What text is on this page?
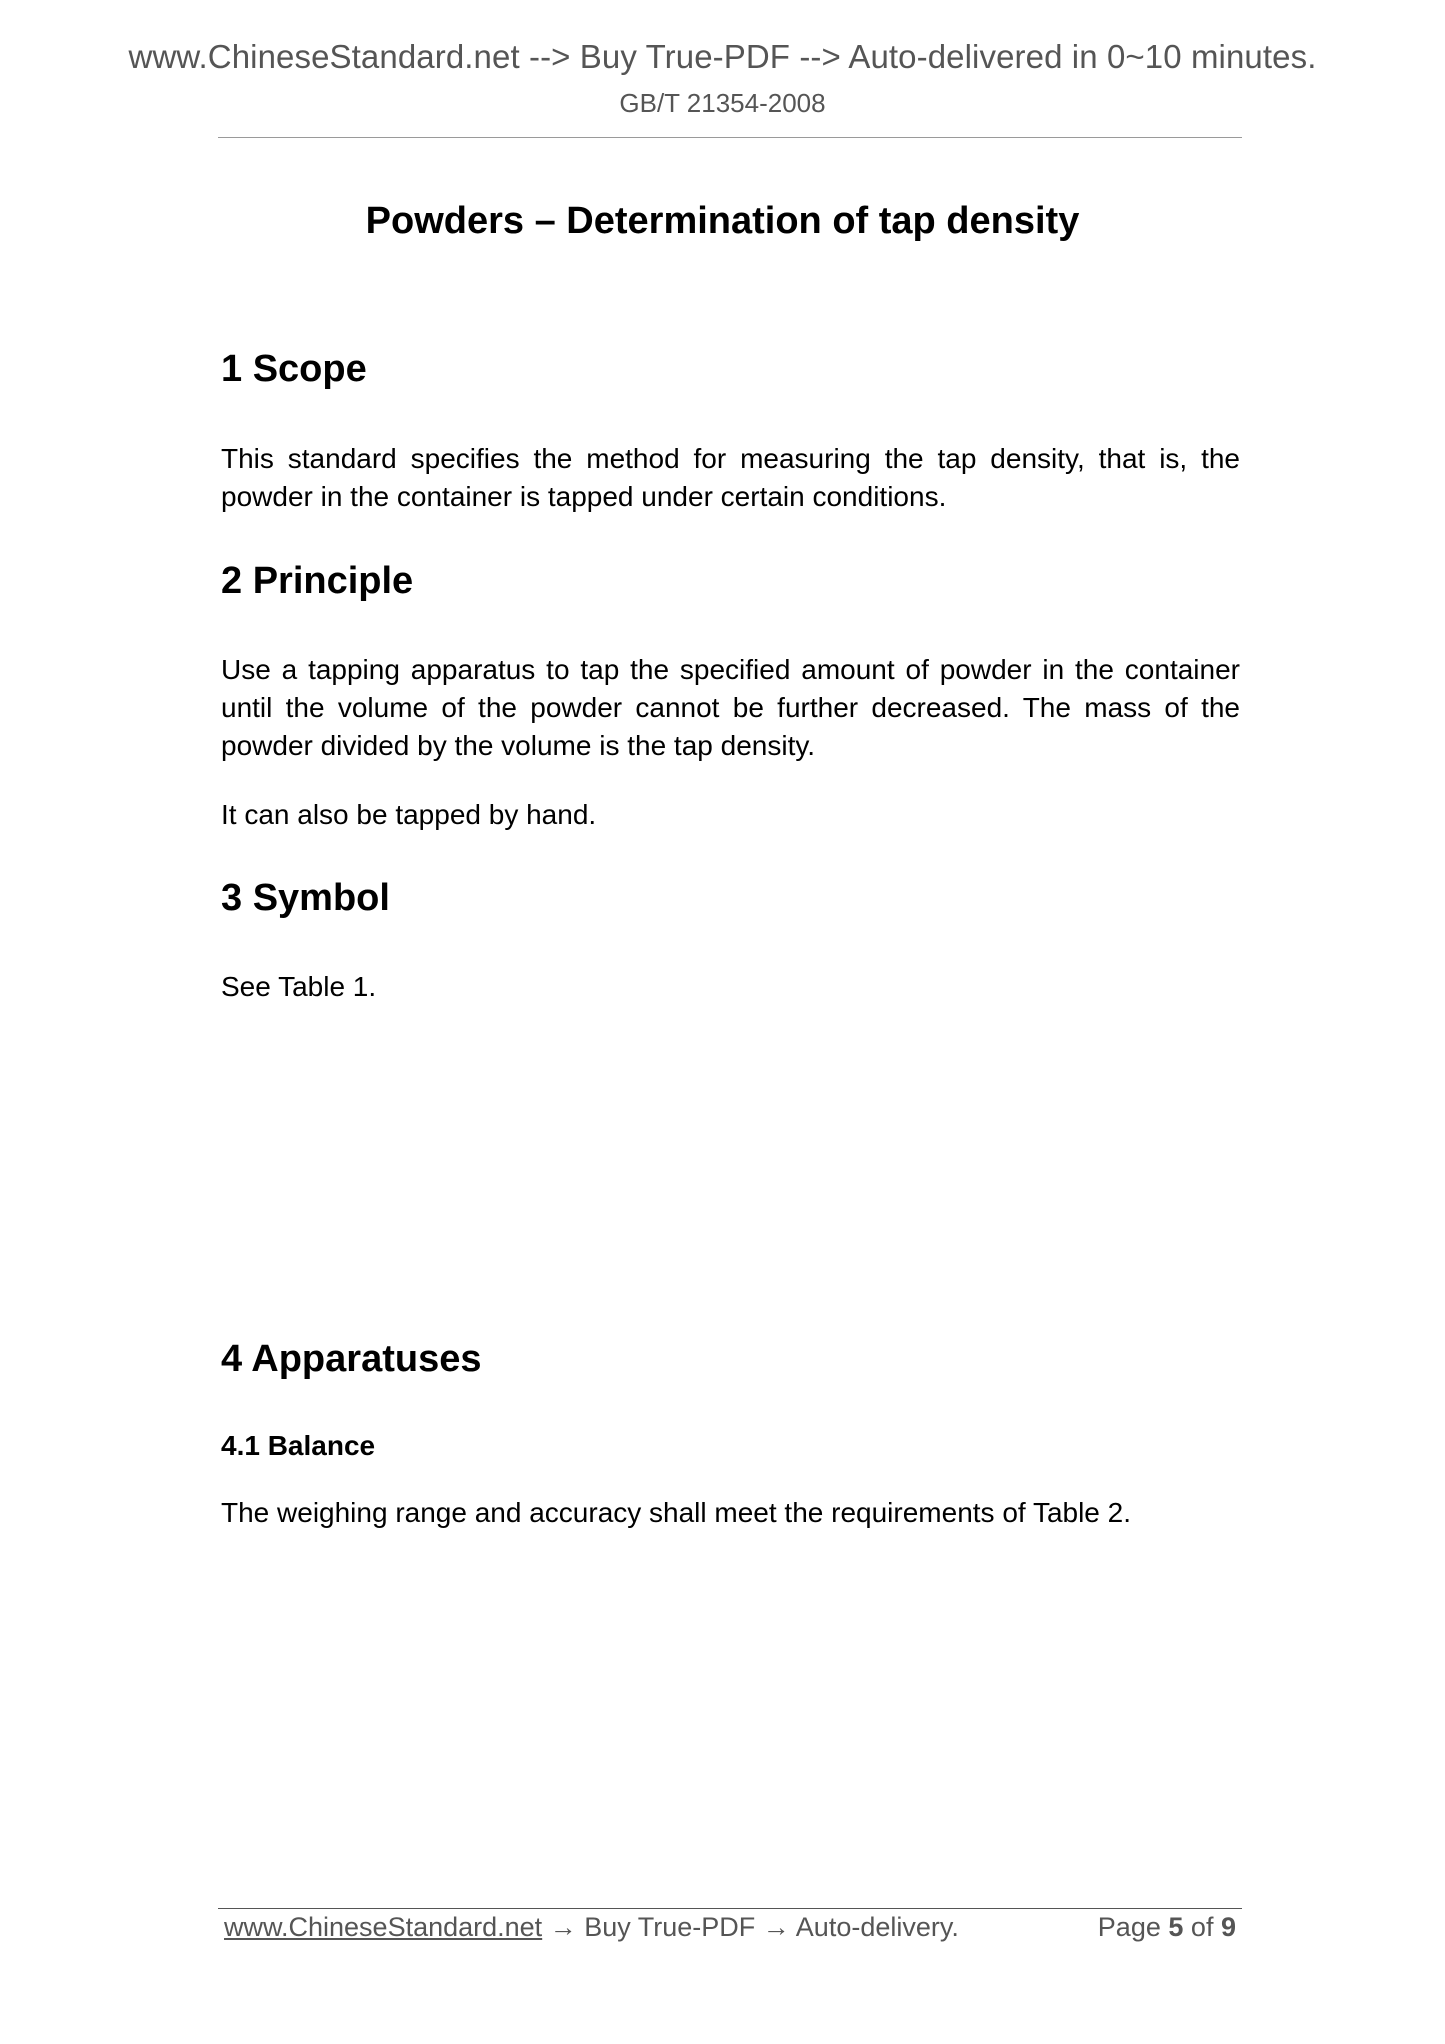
www.ChineseStandard.net --> Buy True-PDF --> Auto-delivered in 0~10 minutes.
GB/T 21354-2008
Powders – Determination of tap density
1 Scope
This standard specifies the method for measuring the tap density, that is, the powder in the container is tapped under certain conditions.
2 Principle
Use a tapping apparatus to tap the specified amount of powder in the container until the volume of the powder cannot be further decreased. The mass of the powder divided by the volume is the tap density.
It can also be tapped by hand.
3 Symbol
See Table 1.
4 Apparatuses
4.1 Balance
The weighing range and accuracy shall meet the requirements of Table 2.
www.ChineseStandard.net → Buy True-PDF → Auto-delivery.	Page 5 of 9
